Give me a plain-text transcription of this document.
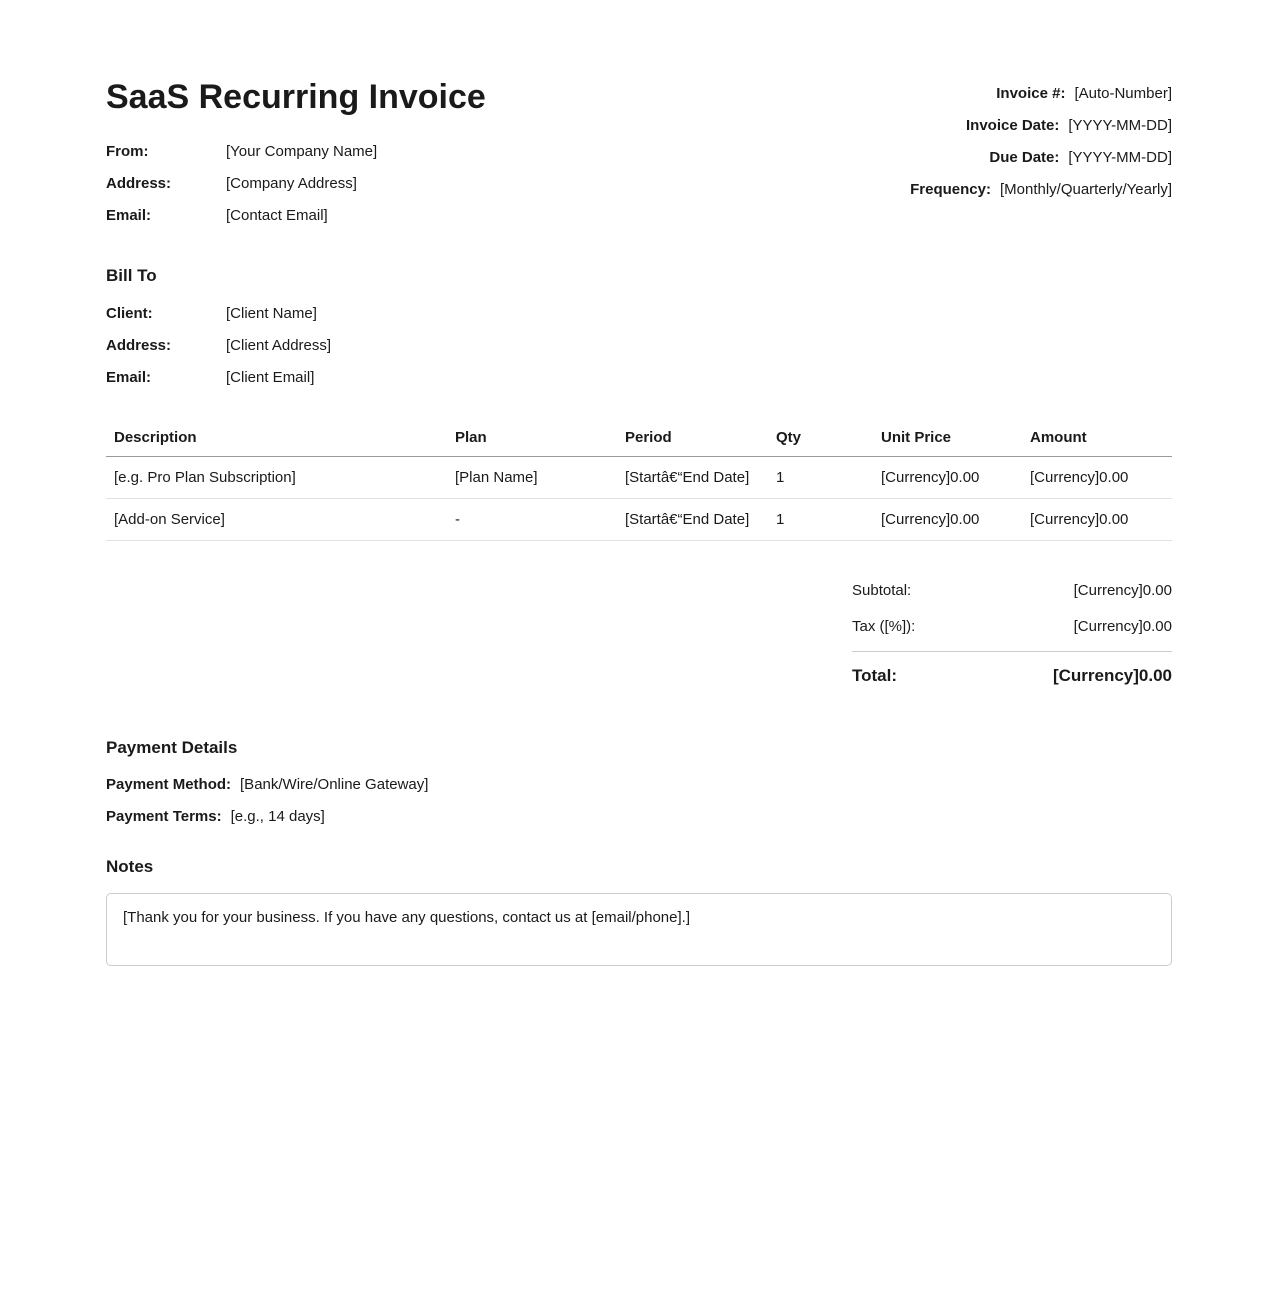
SaaS Recurring Invoice
From:	[Your Company Name]
Address:	[Company Address]
Email:	[Contact Email]
Invoice #: [Auto-Number]
Invoice Date: [YYYY-MM-DD]
Due Date: [YYYY-MM-DD]
Frequency: [Monthly/Quarterly/Yearly]
Bill To
Client:	[Client Name]
Address:	[Client Address]
Email:	[Client Email]
Description	Plan	Period	Qty	Unit Price	Amount
[e.g. Pro Plan Subscription]	[Plan Name]	[Startâ€“End Date]	1	[Currency]0.00	[Currency]0.00
[Add-on Service]	-	[Startâ€“End Date]	1	[Currency]0.00	[Currency]0.00
Subtotal:	[Currency]0.00
Tax ([%]):	[Currency]0.00
Total:	[Currency]0.00
Payment Details
Payment Method: [Bank/Wire/Online Gateway]
Payment Terms: [e.g., 14 days]
Notes

[Thank you for your business. If you have any questions, contact us at [email/phone].]
